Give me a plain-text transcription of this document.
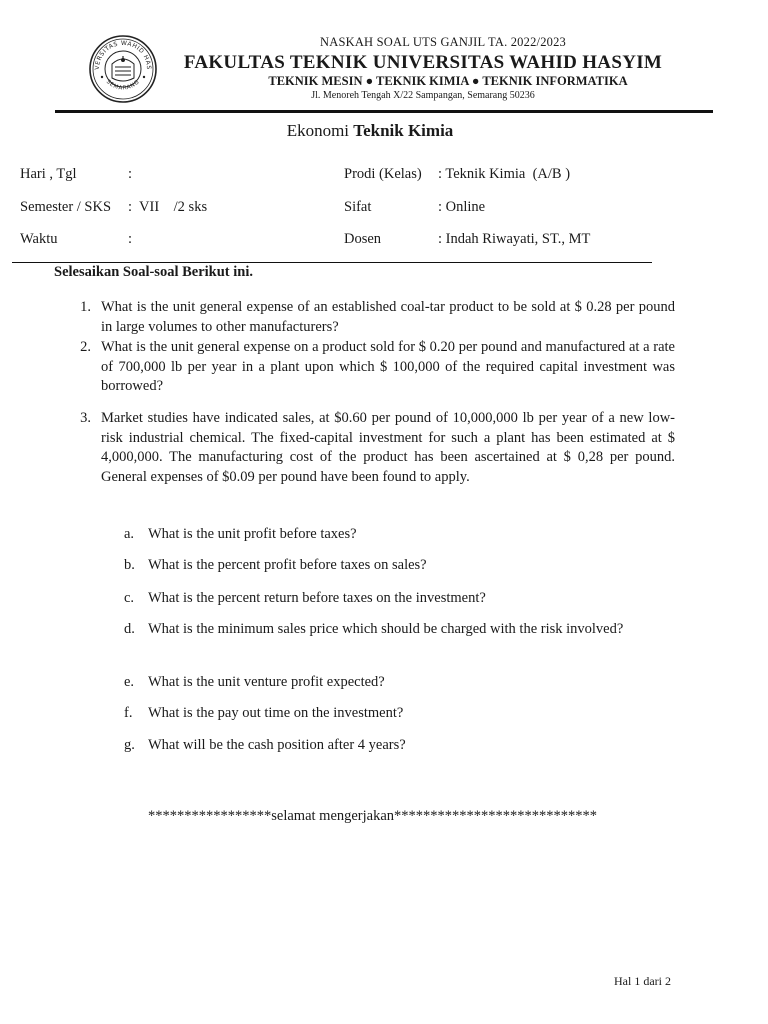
VERSITAS WAHID HAS
SEMARANG
NASKAH SOAL UTS GANJIL TA. 2022/2023
FAKULTAS TEKNIK UNIVERSITAS WAHID HASYIM
TEKNIK MESIN ● TEKNIK KIMIA ● TEKNIK INFORMATIKA
Jl. Menoreh Tengah X/22 Sampangan, Semarang 50236
Ekonomi Teknik Kimia
Hari , Tgl	:
Semester / SKS :  VII    /2 sks
Waktu	:
Prodi (Kelas) : Teknik Kimia  (A/B )
Sifat	: Online
Dosen	: Indah Riwayati, ST., MT
Selesaikan Soal-soal Berikut ini.
1. What is the unit general expense of an established coal-tar product to be sold at $ 0.28 per pound in large volumes to other manufacturers?
2. What is the unit general expense on a product sold for $ 0.20 per pound and manufactured at a rate of 700,000 lb per year in a plant upon which $ 100,000 of the required capital investment was borrowed?
3. Market studies have indicated sales, at $0.60 per pound of 10,000,000 lb per year of a new low-risk industrial chemical. The fixed-capital investment for such a plant has been estimated at $ 4,000,000. The manufacturing cost of the product has been ascertained at $ 0,28 per pound. General expenses of $0.09 per pound have been found to apply.
a. What is the unit profit before taxes?
b. What is the percent profit before taxes on sales?
c. What is the percent return before taxes on the investment?
d. What is the minimum sales price which should be charged with the risk involved?
e. What is the unit venture profit expected?
f. What is the pay out time on the investment?
g. What will be the cash position after 4 years?
*****************selamat mengerjakan****************************
Hal 1 dari 2
